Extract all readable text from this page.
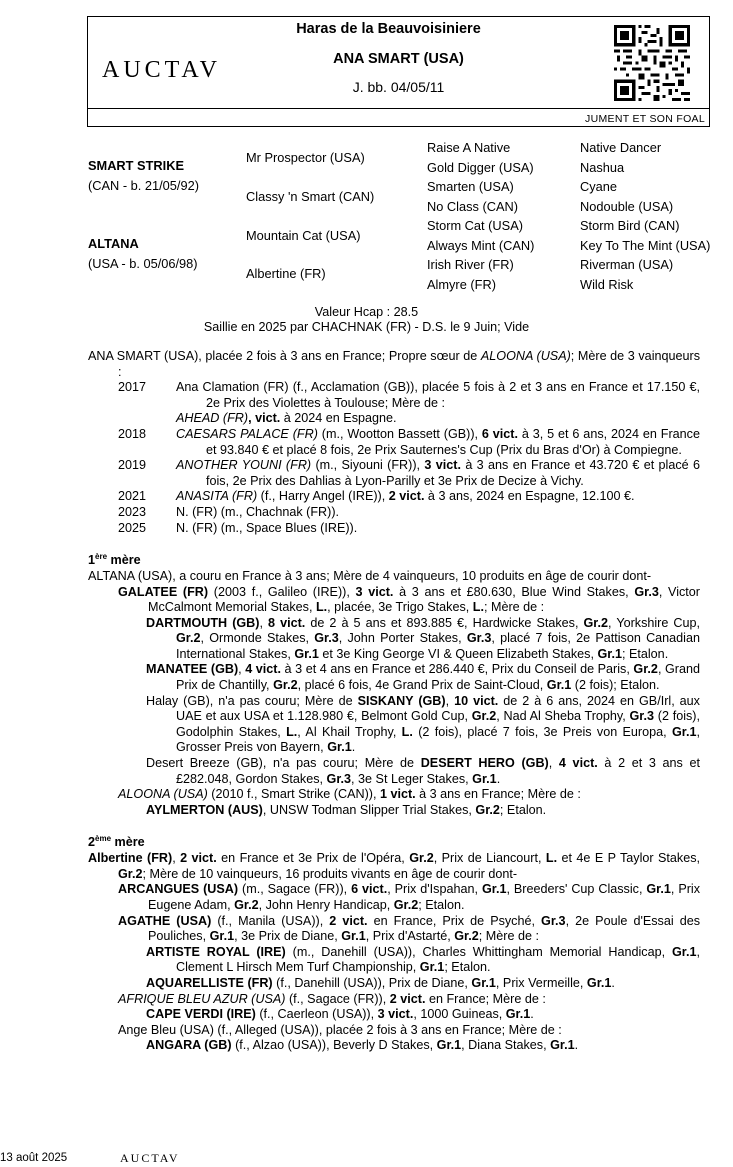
AUCTAV
Haras de la Beauvoisiniere
ANA SMART (USA)
J. bb. 04/05/11
JUMENT ET SON FOAL
SMART STRIKE
(CAN - b. 21/05/92)
ALTANA
(USA - b. 05/06/98)
Mr Prospector (USA)
Classy 'n Smart (CAN)
Mountain Cat (USA)
Albertine (FR)
Raise A Native
Gold Digger (USA)
Smarten (USA)
No Class (CAN)
Storm Cat (USA)
Always Mint (CAN)
Irish River (FR)
Almyre (FR)
Native Dancer
Nashua
Cyane
Nodouble (USA)
Storm Bird (CAN)
Key To The Mint (USA)
Riverman (USA)
Wild Risk
Valeur Hcap : 28.5
Saillie en 2025 par CHACHNAK (FR) - D.S. le 9 Juin; Vide
ANA SMART (USA), placée 2 fois à 3 ans en France; Propre sœur de ALOONA (USA); Mère de 3 vainqueurs :
2017 Ana Clamation (FR) (f., Acclamation (GB)), placée 5 fois à 2 et 3 ans en France et 17.150 €, 2e Prix des Violettes à Toulouse; Mère de :
AHEAD (FR), vict. à 2024 en Espagne.
2018 CAESARS PALACE (FR) (m., Wootton Bassett (GB)), 6 vict. à 3, 5 et 6 ans, 2024 en France et 93.840 € et placé 8 fois, 2e Prix Sauternes's Cup (Prix du Bras d'Or) à Compiegne.
2019 ANOTHER YOUNI (FR) (m., Siyouni (FR)), 3 vict. à 3 ans en France et 43.720 € et placé 6 fois, 2e Prix des Dahlias à Lyon-Parilly et 3e Prix de Decize à Vichy.
2021 ANASITA (FR) (f., Harry Angel (IRE)), 2 vict. à 3 ans, 2024 en Espagne, 12.100 €.
2023 N. (FR) (m., Chachnak (FR)).
2025 N. (FR) (m., Space Blues (IRE)).
1ère mère
ALTANA (USA), a couru en France à 3 ans; Mère de 4 vainqueurs, 10 produits en âge de courir dont-
GALATEE (FR) (2003 f., Galileo (IRE)), 3 vict. à 3 ans et £80.630, Blue Wind Stakes, Gr.3, Victor McCalmont Memorial Stakes, L., placée, 3e Trigo Stakes, L.; Mère de :
DARTMOUTH (GB), 8 vict. de 2 à 5 ans et 893.885 €, Hardwicke Stakes, Gr.2, Yorkshire Cup, Gr.2, Ormonde Stakes, Gr.3, John Porter Stakes, Gr.3, placé 7 fois, 2e Pattison Canadian International Stakes, Gr.1 et 3e King George VI & Queen Elizabeth Stakes, Gr.1; Etalon.
MANATEE (GB), 4 vict. à 3 et 4 ans en France et 286.440 €, Prix du Conseil de Paris, Gr.2, Grand Prix de Chantilly, Gr.2, placé 6 fois, 4e Grand Prix de Saint-Cloud, Gr.1 (2 fois); Etalon.
Halay (GB), n'a pas couru; Mère de SISKANY (GB), 10 vict. de 2 à 6 ans, 2024 en GB/Irl, aux UAE et aux USA et 1.128.980 €, Belmont Gold Cup, Gr.2, Nad Al Sheba Trophy, Gr.3 (2 fois), Godolphin Stakes, L., Al Khail Trophy, L. (2 fois), placé 7 fois, 3e Preis von Europa, Gr.1, Grosser Preis von Bayern, Gr.1.
Desert Breeze (GB), n'a pas couru; Mère de DESERT HERO (GB), 4 vict. à 2 et 3 ans et £282.048, Gordon Stakes, Gr.3, 3e St Leger Stakes, Gr.1.
ALOONA (USA) (2010 f., Smart Strike (CAN)), 1 vict. à 3 ans en France; Mère de :
AYLMERTON (AUS), UNSW Todman Slipper Trial Stakes, Gr.2; Etalon.
2ème mère
Albertine (FR), 2 vict. en France et 3e Prix de l'Opéra, Gr.2, Prix de Liancourt, L. et 4e E P Taylor Stakes, Gr.2; Mère de 10 vainqueurs, 16 produits vivants en âge de courir dont-
ARCANGUES (USA) (m., Sagace (FR)), 6 vict., Prix d'Ispahan, Gr.1, Breeders' Cup Classic, Gr.1, Prix Eugene Adam, Gr.2, John Henry Handicap, Gr.2; Etalon.
AGATHE (USA) (f., Manila (USA)), 2 vict. en France, Prix de Psyché, Gr.3, 2e Poule d'Essai des Pouliches, Gr.1, 3e Prix de Diane, Gr.1, Prix d'Astarté, Gr.2; Mère de :
ARTISTE ROYAL (IRE) (m., Danehill (USA)), Charles Whittingham Memorial Handicap, Gr.1, Clement L Hirsch Mem Turf Championship, Gr.1; Etalon.
AQUARELLISTE (FR) (f., Danehill (USA)), Prix de Diane, Gr.1, Prix Vermeille, Gr.1.
AFRIQUE BLEU AZUR (USA) (f., Sagace (FR)), 2 vict. en France; Mère de :
CAPE VERDI (IRE) (f., Caerleon (USA)), 3 vict., 1000 Guineas, Gr.1.
Ange Bleu (USA) (f., Alleged (USA)), placée 2 fois à 3 ans en France; Mère de :
ANGARA (GB) (f., Alzao (USA)), Beverly D Stakes, Gr.1, Diana Stakes, Gr.1.
13 août 2025	AUCTAV
